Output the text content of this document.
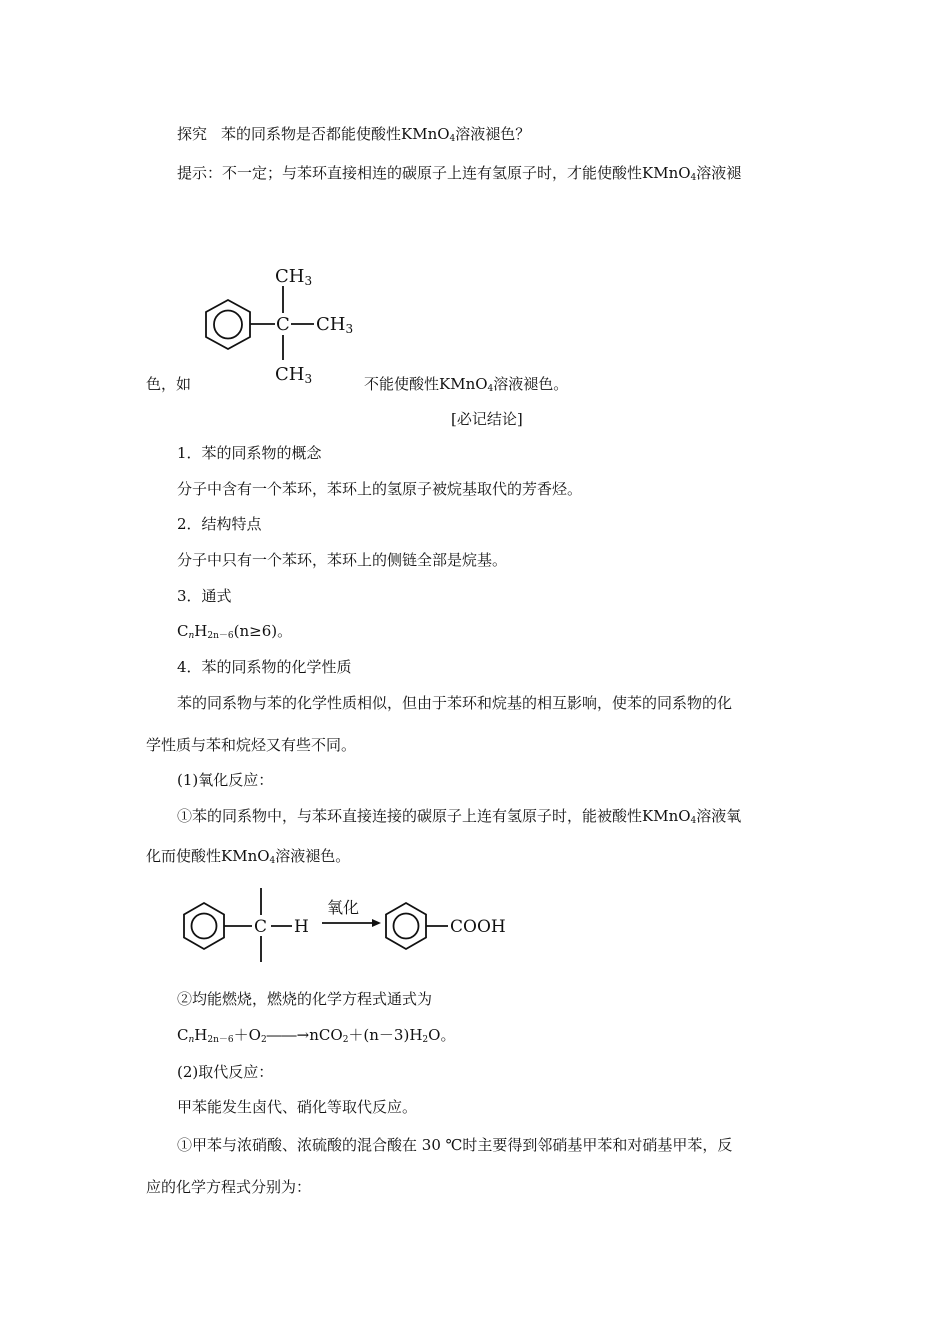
探究 苯的同系物是否都能使酸性KMnO$_4$溶液褪色？
提示：不一定；与苯环直接相连的碳原子上连有氢原子时，才能使酸性KMnO$_4$溶液褪
C
CH3
CH3
CH3
色，如	不能使酸性KMnO$_4$溶液褪色。
[必记结论]
1．苯的同系物的概念
分子中含有一个苯环，苯环上的氢原子被烷基取代的芳香烃。
2．结构特点
分子中只有一个苯环，苯环上的侧链全部是烷基。
3．通式
$C_nH_{2n-6}(n\ge 6)$。
4．苯的同系物的化学性质
苯的同系物与苯的化学性质相似，但由于苯环和烷基的相互影响，使苯的同系物的化
学性质与苯和烷烃又有些不同。
(1)氧化反应：
①苯的同系物中，与苯环直接连接的碳原子上连有氢原子时，能被酸性KMnO$_4$溶液氧
化而使酸性KMnO$_4$溶液褪色。
C H
氧化
COOH
②均能燃烧，燃烧的化学方程式通式为
$C_nH_{2n-6}+O_2――\to nCO_2+(n-3)H_2O$。
(2)取代反应：
甲苯能发生卤代、硝化等取代反应。
①甲苯与浓硝酸、浓硫酸的混合酸在 30 ℃时主要得到邻硝基甲苯和对硝基甲苯，反
应的化学方程式分别为：
